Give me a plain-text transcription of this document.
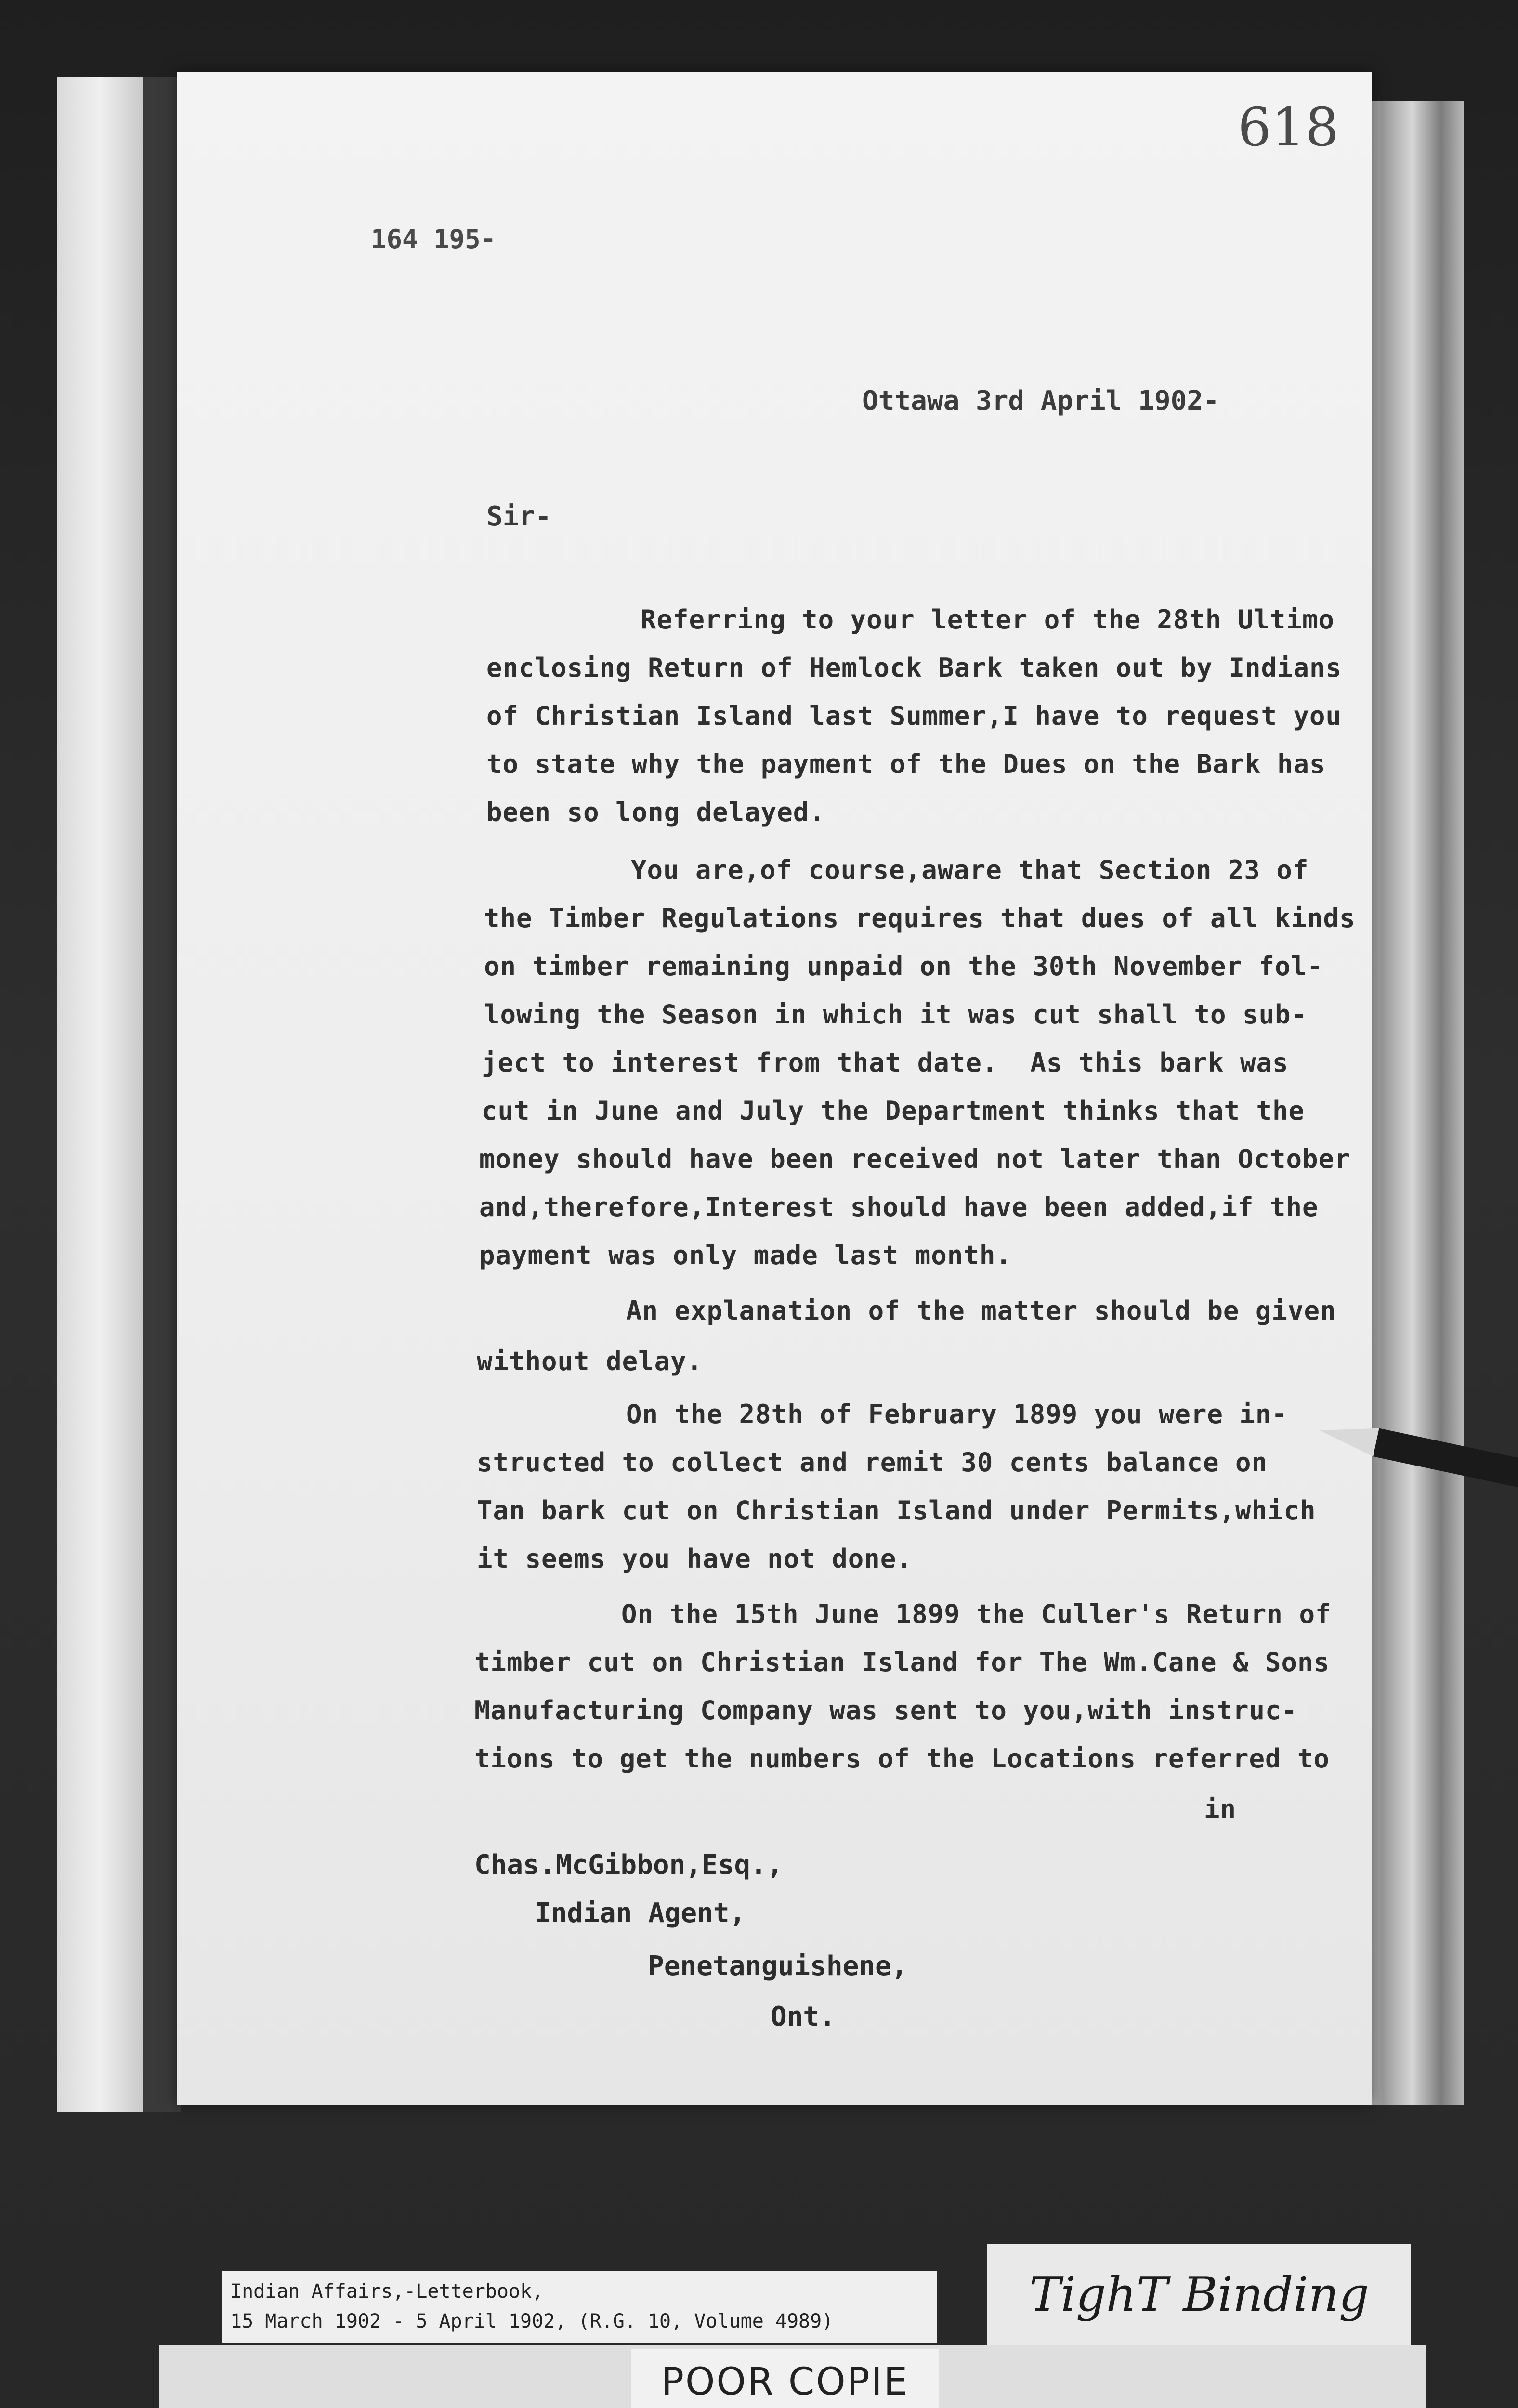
618
164 195-
Ottawa 3rd April 1902-
Sir-
Referring to your letter of the 28th Ultimo
enclosing Return of Hemlock Bark taken out by Indians
of Christian Island last Summer,I have to request you
to state why the payment of the Dues on the Bark has
been so long delayed.
You are,of course,aware that Section 23 of
the Timber Regulations requires that dues of all kinds
on timber remaining unpaid on the 30th November fol-
lowing the Season in which it was cut shall to sub-
ject to interest from that date.  As this bark was
cut in June and July the Department thinks that the
money should have been received not later than October
and,therefore,Interest should have been added,if the
payment was only made last month.
An explanation of the matter should be given
without delay.
On the 28th of February 1899 you were in-
structed to collect and remit 30 cents balance on
Tan bark cut on Christian Island under Permits,which
it seems you have not done.
On the 15th June 1899 the Culler's Return of
timber cut on Christian Island for The Wm.Cane & Sons
Manufacturing Company was sent to you,with instruc-
tions to get the numbers of the Locations referred to
in
Chas.McGibbon,Esq.,
Indian Agent,
Penetanguishene,
Ont.
Indian Affairs,-Letterbook,
15 March 1902 - 5 April 1902, (R.G. 10, Volume 4989)	TighT Binding
POOR COPIE
